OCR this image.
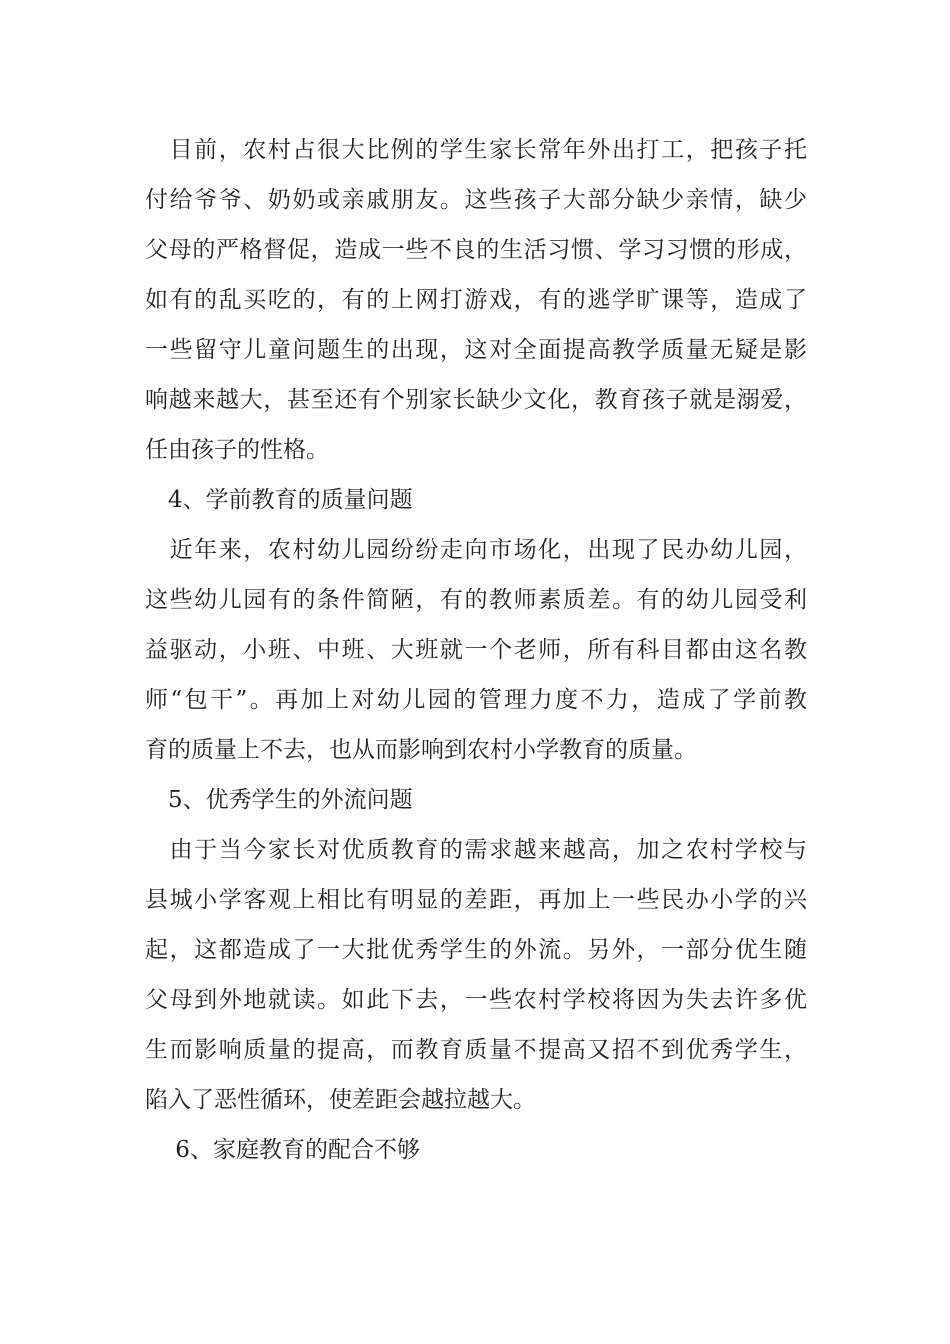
　目前，农村占很大比例的学生家长常年外出打工，把孩子托
付给爷爷、奶奶或亲戚朋友。这些孩子大部分缺少亲情，缺少
父母的严格督促，造成一些不良的生活习惯、学习习惯的形成，
如有的乱买吃的，有的上网打游戏，有的逃学旷课等，造成了
一些留守儿童问题生的出现，这对全面提高教学质量无疑是影
响越来越大，甚至还有个别家长缺少文化，教育孩子就是溺爱，
任由孩子的性格。
　4、学前教育的质量问题
　近年来，农村幼儿园纷纷走向市场化，出现了民办幼儿园，
这些幼儿园有的条件简陋，有的教师素质差。有的幼儿园受利
益驱动，小班、中班、大班就一个老师，所有科目都由这名教
师“包干”。再加上对幼儿园的管理力度不力，造成了学前教
育的质量上不去，也从而影响到农村小学教育的质量。
　5、优秀学生的外流问题
　由于当今家长对优质教育的需求越来越高，加之农村学校与
县城小学客观上相比有明显的差距，再加上一些民办小学的兴
起，这都造成了一大批优秀学生的外流。另外，一部分优生随
父母到外地就读。如此下去，一些农村学校将因为失去许多优
生而影响质量的提高，而教育质量不提高又招不到优秀学生，
陷入了恶性循环，使差距会越拉越大。
　 6、家庭教育的配合不够
